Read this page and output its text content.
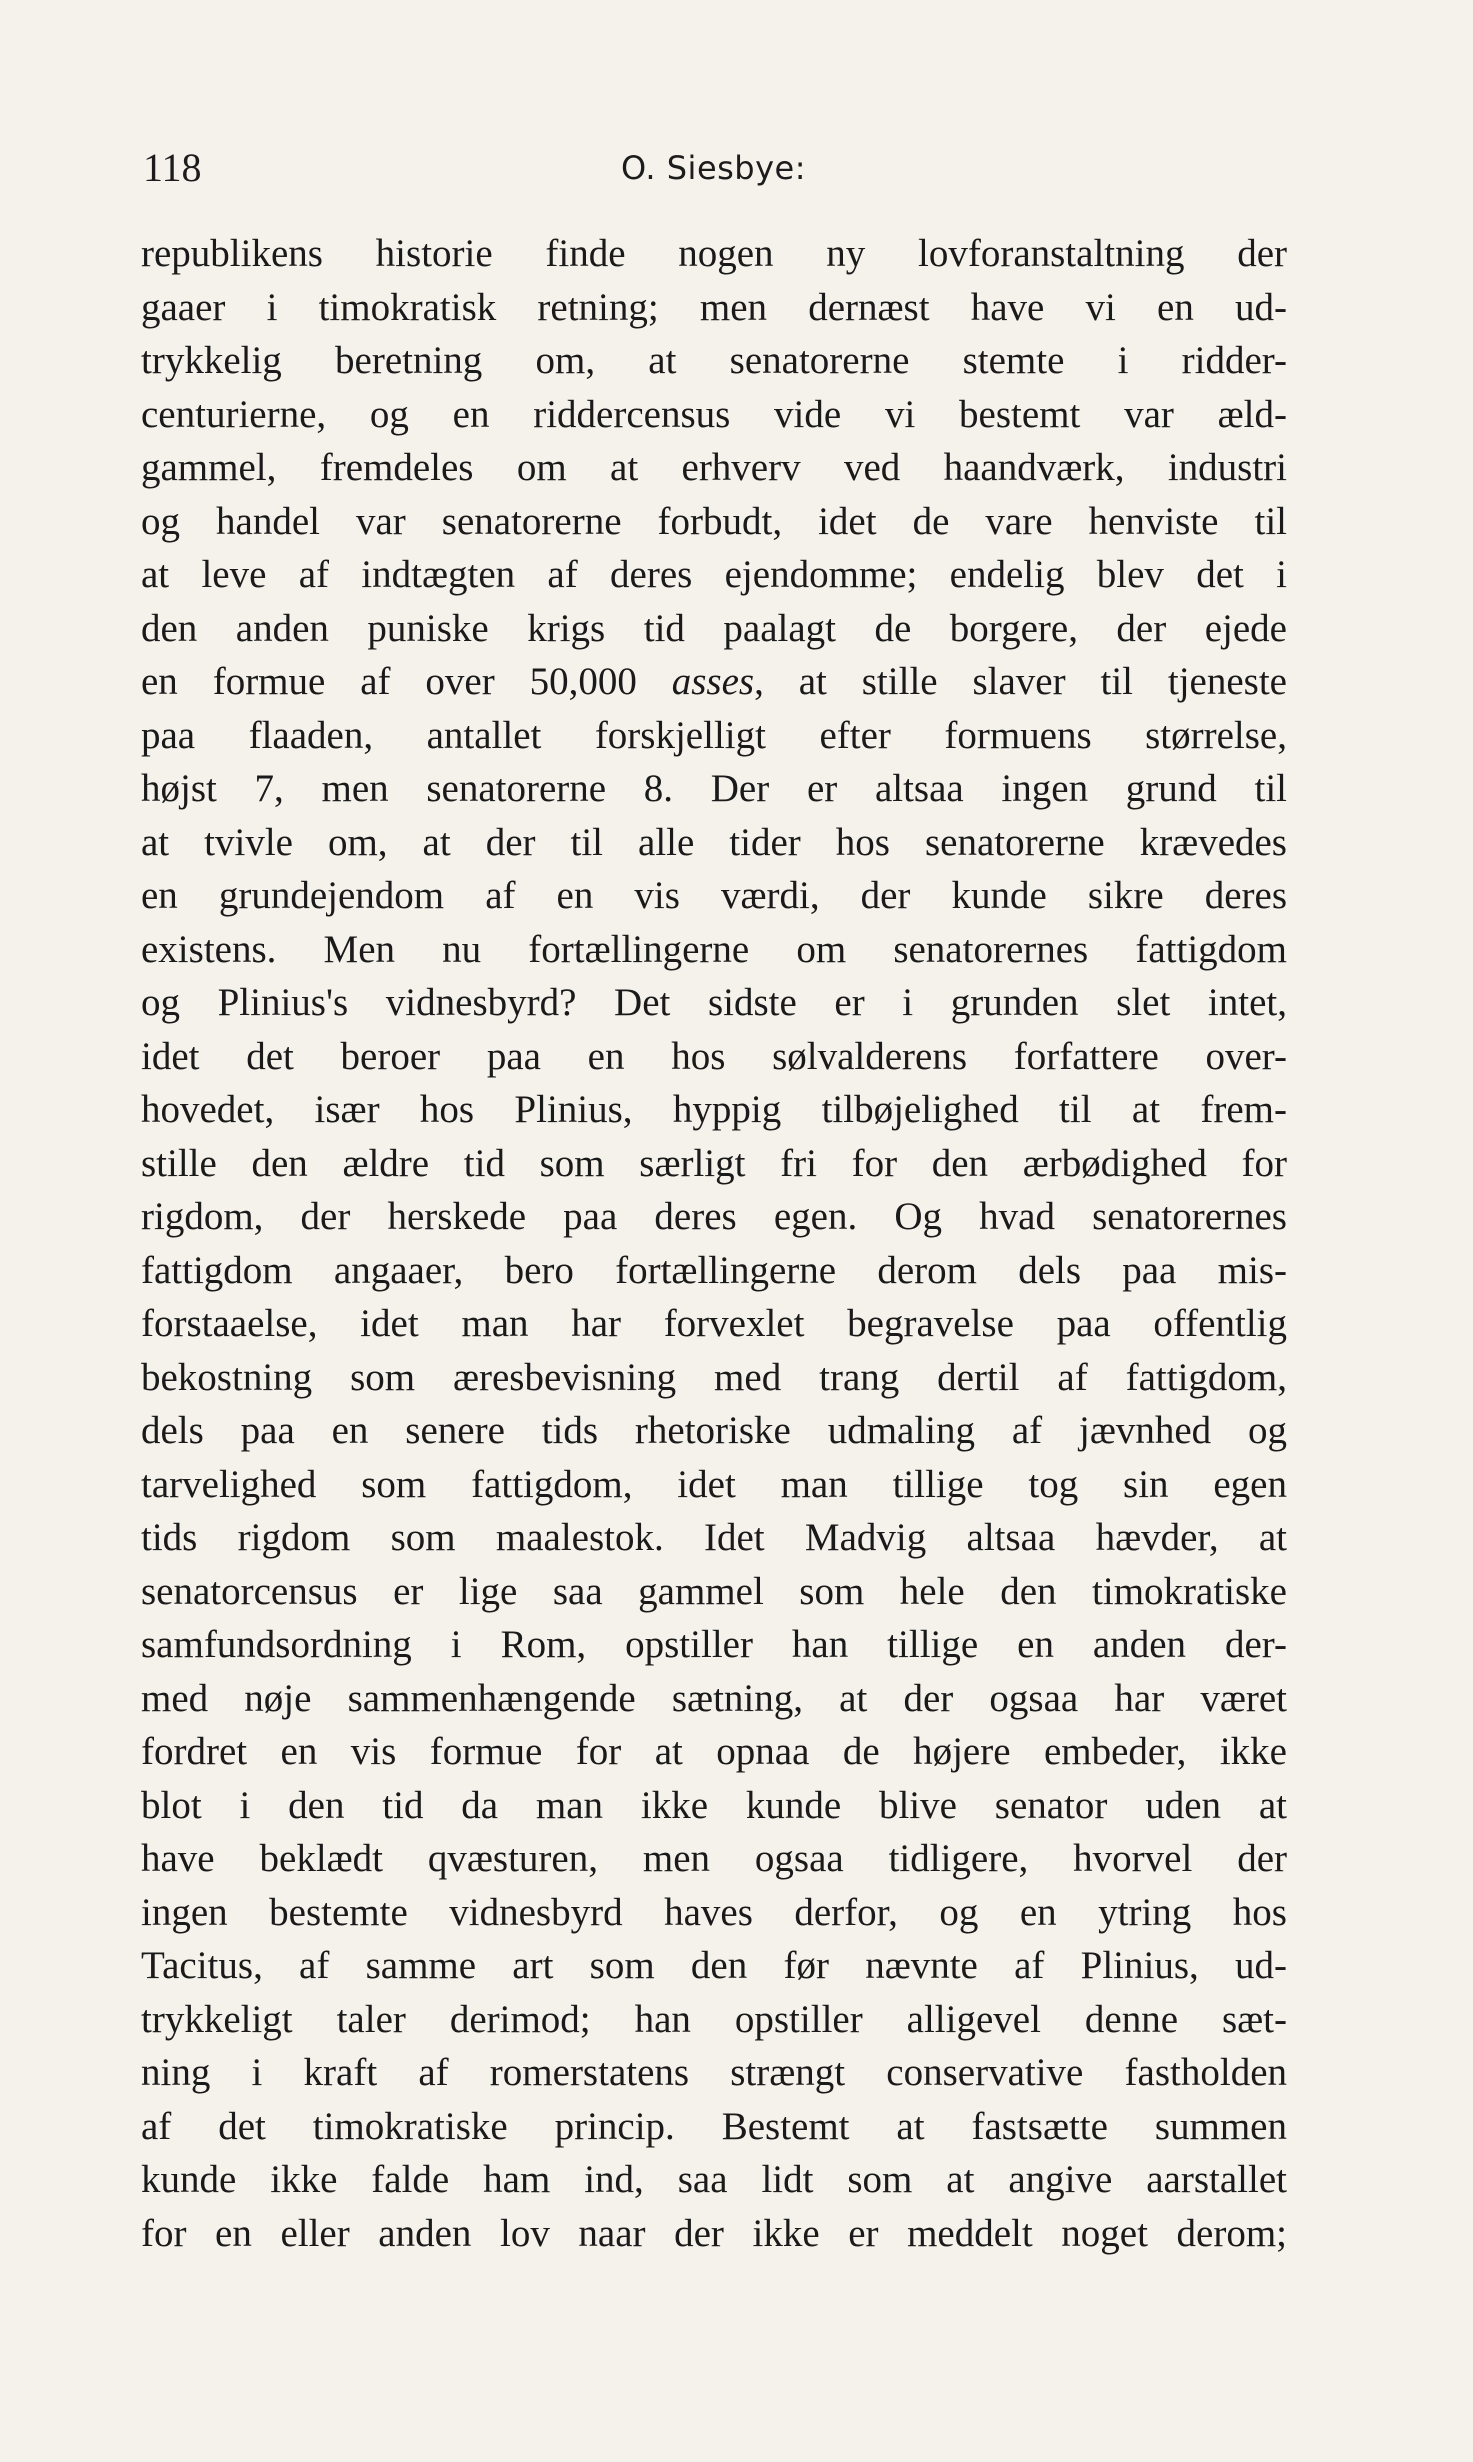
118	O. Siesbye:
republikens historie finde nogen ny lovforanstaltning der
gaaer i timokratisk retning; men dernæst have vi en ud-
trykkelig beretning om, at senatorerne stemte i ridder-
centurierne, og en riddercensus vide vi bestemt var æld-
gammel, fremdeles om at erhverv ved haandværk, industri
og handel var senatorerne forbudt, idet de vare henviste til
at leve af indtægten af deres ejendomme; endelig blev det i
den anden puniske krigs tid paalagt de borgere, der ejede
en formue af over 50,000 asses, at stille slaver til tjeneste
paa flaaden, antallet forskjelligt efter formuens størrelse,
højst 7, men senatorerne 8. Der er altsaa ingen grund til
at tvivle om, at der til alle tider hos senatorerne krævedes
en grundejendom af en vis værdi, der kunde sikre deres
existens. Men nu fortællingerne om senatorernes fattigdom
og Plinius's vidnesbyrd? Det sidste er i grunden slet intet,
idet det beroer paa en hos sølvalderens forfattere over-
hovedet, især hos Plinius, hyppig tilbøjelighed til at frem-
stille den ældre tid som særligt fri for den ærbødighed for
rigdom, der herskede paa deres egen. Og hvad senatorernes
fattigdom angaaer, bero fortællingerne derom dels paa mis-
forstaaelse, idet man har forvexlet begravelse paa offentlig
bekostning som æresbevisning med trang dertil af fattigdom,
dels paa en senere tids rhetoriske udmaling af jævnhed og
tarvelighed som fattigdom, idet man tillige tog sin egen
tids rigdom som maalestok. Idet Madvig altsaa hævder, at
senatorcensus er lige saa gammel som hele den timokratiske
samfundsordning i Rom, opstiller han tillige en anden der-
med nøje sammenhængende sætning, at der ogsaa har været
fordret en vis formue for at opnaa de højere embeder, ikke
blot i den tid da man ikke kunde blive senator uden at
have beklædt qvæsturen, men ogsaa tidligere, hvorvel der
ingen bestemte vidnesbyrd haves derfor, og en ytring hos
Tacitus, af samme art som den før nævnte af Plinius, ud-
trykkeligt taler derimod; han opstiller alligevel denne sæt-
ning i kraft af romerstatens strængt conservative fastholden
af det timokratiske princip. Bestemt at fastsætte summen
kunde ikke falde ham ind, saa lidt som at angive aarstallet
for en eller anden lov naar der ikke er meddelt noget derom;
